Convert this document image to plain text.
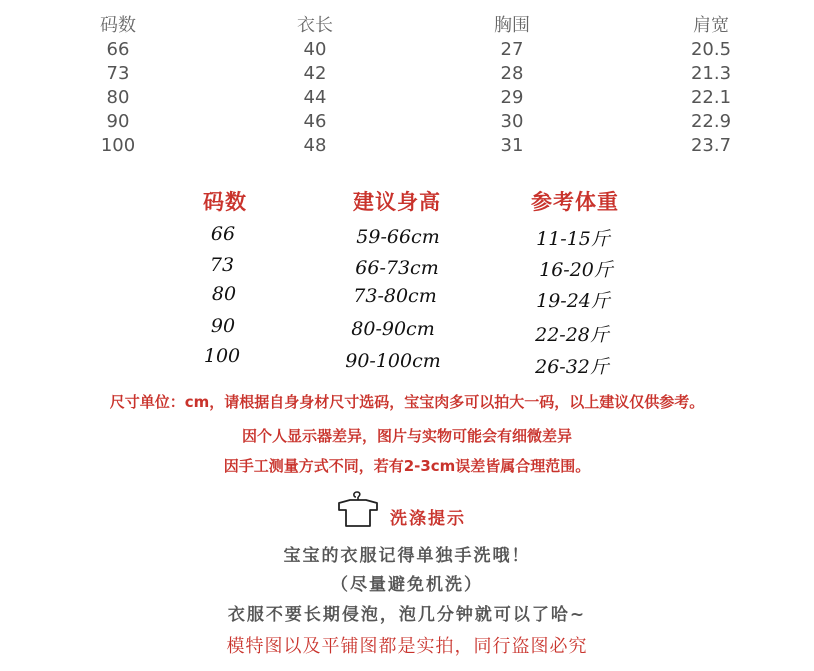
码数	衣长	胸围	肩宽
66	40	27	20.5
73	42	28	21.3
80	44	29	22.1
90	46	30	22.9
100	48	31	23.7
码数	建议身高	参考体重
66	59-66cm	11-15斤
73	66-73cm	16-20斤
80	73-80cm	19-24斤
90	80-90cm	22-28斤
100	90-100cm	26-32斤
尺寸单位：cm，请根据自身身材尺寸选码，宝宝肉多可以拍大一码，以上建议仅供参考。
因个人显示器差异，图片与实物可能会有细微差异
因手工测量方式不同，若有2-3cm误差皆属合理范围。
洗涤提示
宝宝的衣服记得单独手洗哦！
（尽量避免机洗）
衣服不要长期侵泡，泡几分钟就可以了哈~
模特图以及平铺图都是实拍，同行盗图必究
